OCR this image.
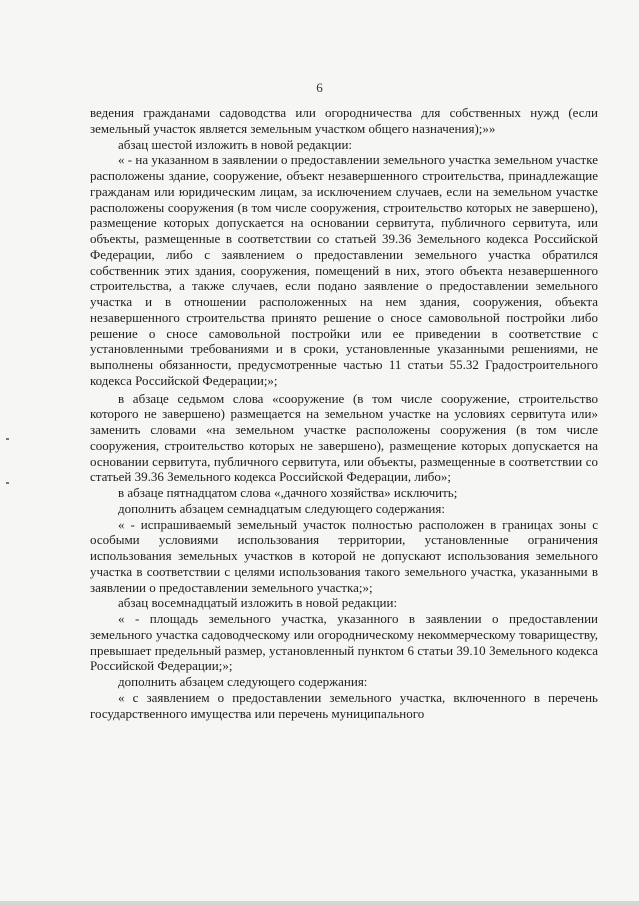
6

ведения гражданами садоводства или огородничества для собственных нужд (если земельный участок является земельным участком общего назначения);»»

абзац шестой изложить в новой редакции:

« - на указанном в заявлении о предоставлении земельного участка земельном участке расположены здание, сооружение, объект незавершенного строительства, принадлежащие гражданам или юридическим лицам, за исключением случаев, если на земельном участке расположены сооружения (в том числе сооружения, строительство которых не завершено), размещение которых допускается на основании сервитута, публичного сервитута, или объекты, размещенные в соответствии со статьей 39.36 Земельного кодекса Российской Федерации, либо с заявлением о предоставлении земельного участка обратился собственник этих здания, сооружения, помещений в них, этого объекта незавершенного строительства, а также случаев, если подано заявление о предоставлении земельного участка и в отношении расположенных на нем здания, сооружения, объекта незавершенного строительства принято решение о сносе самовольной постройки либо решение о сносе самовольной постройки или ее приведении в соответствие с установленными требованиями и в сроки, установленные указанными решениями, не выполнены обязанности, предусмотренные частью 11 статьи 55.32 Градостроительного кодекса Российской Федерации;»;

в абзаце седьмом слова «сооружение (в том числе сооружение, строительство которого не завершено) размещается на земельном участке на условиях сервитута или» заменить словами «на земельном участке расположены сооружения (в том числе сооружения, строительство которых не завершено), размещение которых допускается на основании сервитута, публичного сервитута, или объекты, размещенные в соответствии со статьей 39.36 Земельного кодекса Российской Федерации, либо»;

в абзаце пятнадцатом слова «,дачного хозяйства» исключить;

дополнить абзацем семнадцатым следующего содержания:

« - испрашиваемый земельный участок полностью расположен в границах зоны с особыми условиями использования территории, установленные ограничения использования земельных участков в которой не допускают использования земельного участка в соответствии с целями использования такого земельного участка, указанными в заявлении о предоставлении земельного участка;»;

абзац восемнадцатый изложить в новой редакции:

« - площадь земельного участка, указанного в заявлении о предоставлении земельного участка садоводческому или огородническому некоммерческому товариществу, превышает предельный размер, установленный пунктом 6 статьи 39.10 Земельного кодекса Российской Федерации;»;

дополнить абзацем следующего содержания:

« с заявлением о предоставлении земельного участка, включенного в перечень государственного имущества или перечень муниципального
